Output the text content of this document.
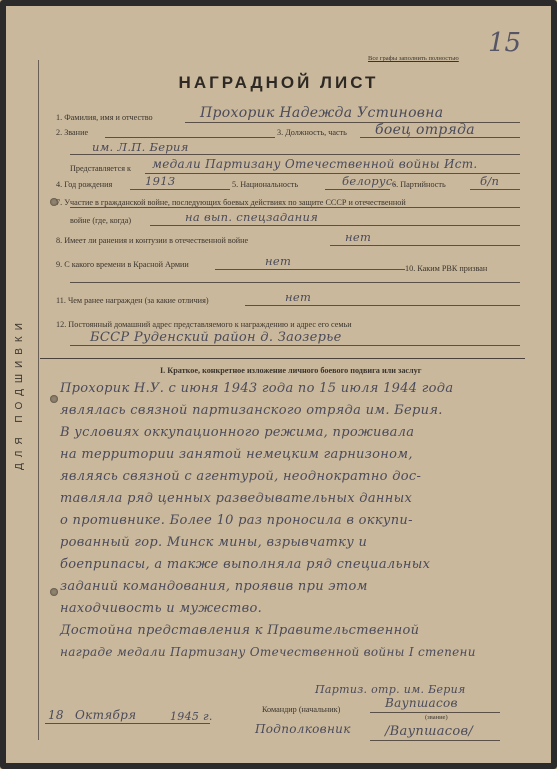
15
Все графы заполнить полностью
НАГРАДНОЙ ЛИСТ
ДЛЯ ПОДШИВКИ
1. Фамилия, имя и отчество	Прохорик Надежда Устиновна
2. Звание	3. Должность, часть боец отряда
им. Л.П. Берия
Представляется к медали Партизану Отечественной войны Ист.
4. Год рождения	1913	5. Национальность	белорус.
6. Партийность	б/п
7. Участие в гражданской войне, последующих боевых действиях по защите СССР и отечественной
войне (где, когда)	на вып. спецзадания
8. Имеет ли ранения и контузии в отечественной войне	нет
9. С какого времени в Красной Армии	нет
10. Каким РВК призван
11. Чем ранее награжден (за какие отличия)	нет
12. Постоянный домашний адрес представляемого к награждению и адрес его семьи
БССР Руденский район д. Заозерье
I. Краткое, конкретное изложение личного боевого подвига или заслуг
Прохорик Н.У. с июня 1943 года по 15 июля 1944 года
являлась связной партизанского отряда им. Берия.
В условиях оккупационного режима, проживала
на территории занятой немецким гарнизоном,
являясь связной с агентурой, неоднократно дос-
тавляла ряд ценных разведывательных данных
о противнике. Более 10 раз проносила в оккупи-
рованный гор. Минск мины, взрывчатку и
боеприпасы, а также выполняла ряд специальных
заданий командования, проявив при этом
находчивость и мужество.
Достойна представления к Правительственной
награде медали Партизану Отечественной войны I степени
Партиз. отр. им. Берия
Командир (начальник)	Ваупшасов
(звание)
Подполковник	/Ваупшасов/
18 Октября	1945 г.
